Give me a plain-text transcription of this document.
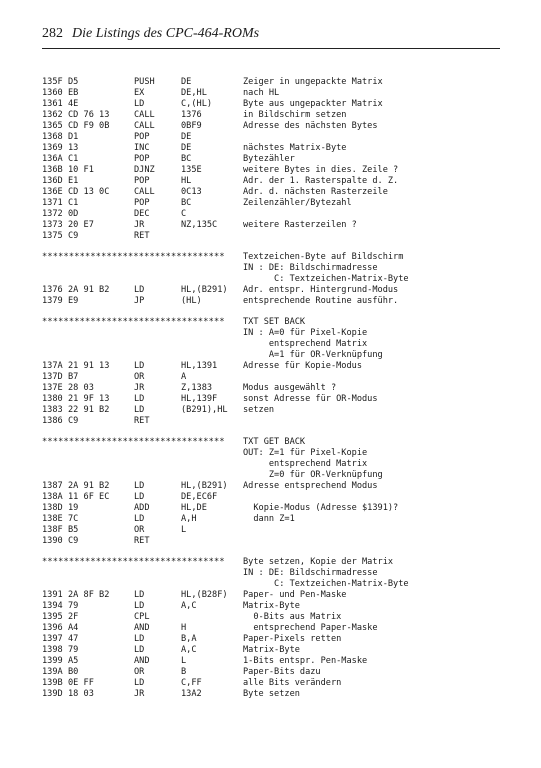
282 Die Listings des CPC-464-ROMs
135F D5	PUSH	DE	Zeiger in ungepackte Matrix
1360 EB	EX	DE,HL	nach HL
1361 4E	LD	C,(HL)	Byte aus ungepackter Matrix
1362 CD 76 13	CALL	1376	in Bildschirm setzen
1365 CD F9 0B	CALL	0BF9	Adresse des nächsten Bytes
1368 D1	POP	DE
1369 13	INC	DE	nächstes Matrix-Byte
136A C1	POP	BC	Bytezähler
136B 10 F1	DJNZ	135E	weitere Bytes in dies. Zeile ?
136D E1	POP	HL	Adr. der 1. Rasterspalte d. Z.
136E CD 13 0C	CALL	0C13	Adr. d. nächsten Rasterzeile
1371 C1	POP	BC	Zeilenzähler/Bytezahl
1372 0D	DEC	C
1373 20 E7	JR	NZ,135C	weitere Rasterzeilen ?
1375 C9	RET
********************************** Textzeichen-Byte auf Bildschirm
IN : DE: Bildschirmadresse
C: Textzeichen-Matrix-Byte
1376 2A 91 B2	LD	HL,(B291) Adr. entspr. Hintergrund-Modus
1379 E9	JP	(HL)	entsprechende Routine ausführ.
********************************** TXT SET BACK
IN : A=0 für Pixel-Kopie
entsprechend Matrix
A=1 für OR-Verknüpfung
137A 21 91 13	LD	HL,1391	Adresse für Kopie-Modus
137D B7	OR	A
137E 28 03	JR	Z,1383	Modus ausgewählt ?
1380 21 9F 13	LD	HL,139F	sonst Adresse für OR-Modus
1383 22 91 B2	LD	(B291),HL setzen
1386 C9	RET
********************************** TXT GET BACK
OUT: Z=1 für Pixel-Kopie
entsprechend Matrix
Z=0 für OR-Verknüpfung
1387 2A 91 B2	LD	HL,(B291) Adresse entsprechend Modus
138A 11 6F EC	LD	DE,EC6F
138D 19	ADD	HL,DE	Kopie-Modus (Adresse $1391)?
138E 7C	LD	A,H	dann Z=1
138F B5	OR	L
1390 C9	RET
********************************** Byte setzen, Kopie der Matrix
IN : DE: Bildschirmadresse
C: Textzeichen-Matrix-Byte
1391 2A 8F B2	LD	HL,(B28F) Paper- und Pen-Maske
1394 79	LD	A,C	Matrix-Byte
1395 2F	CPL	0-Bits aus Matrix
1396 A4	AND	H	entsprechend Paper-Maske
1397 47	LD	B,A	Paper-Pixels retten
1398 79	LD	A,C	Matrix-Byte
1399 A5	AND	L	1-Bits entspr. Pen-Maske
139A B0	OR	B	Paper-Bits dazu
139B 0E FF	LD	C,FF	alle Bits verändern
139D 18 03	JR	13A2	Byte setzen
